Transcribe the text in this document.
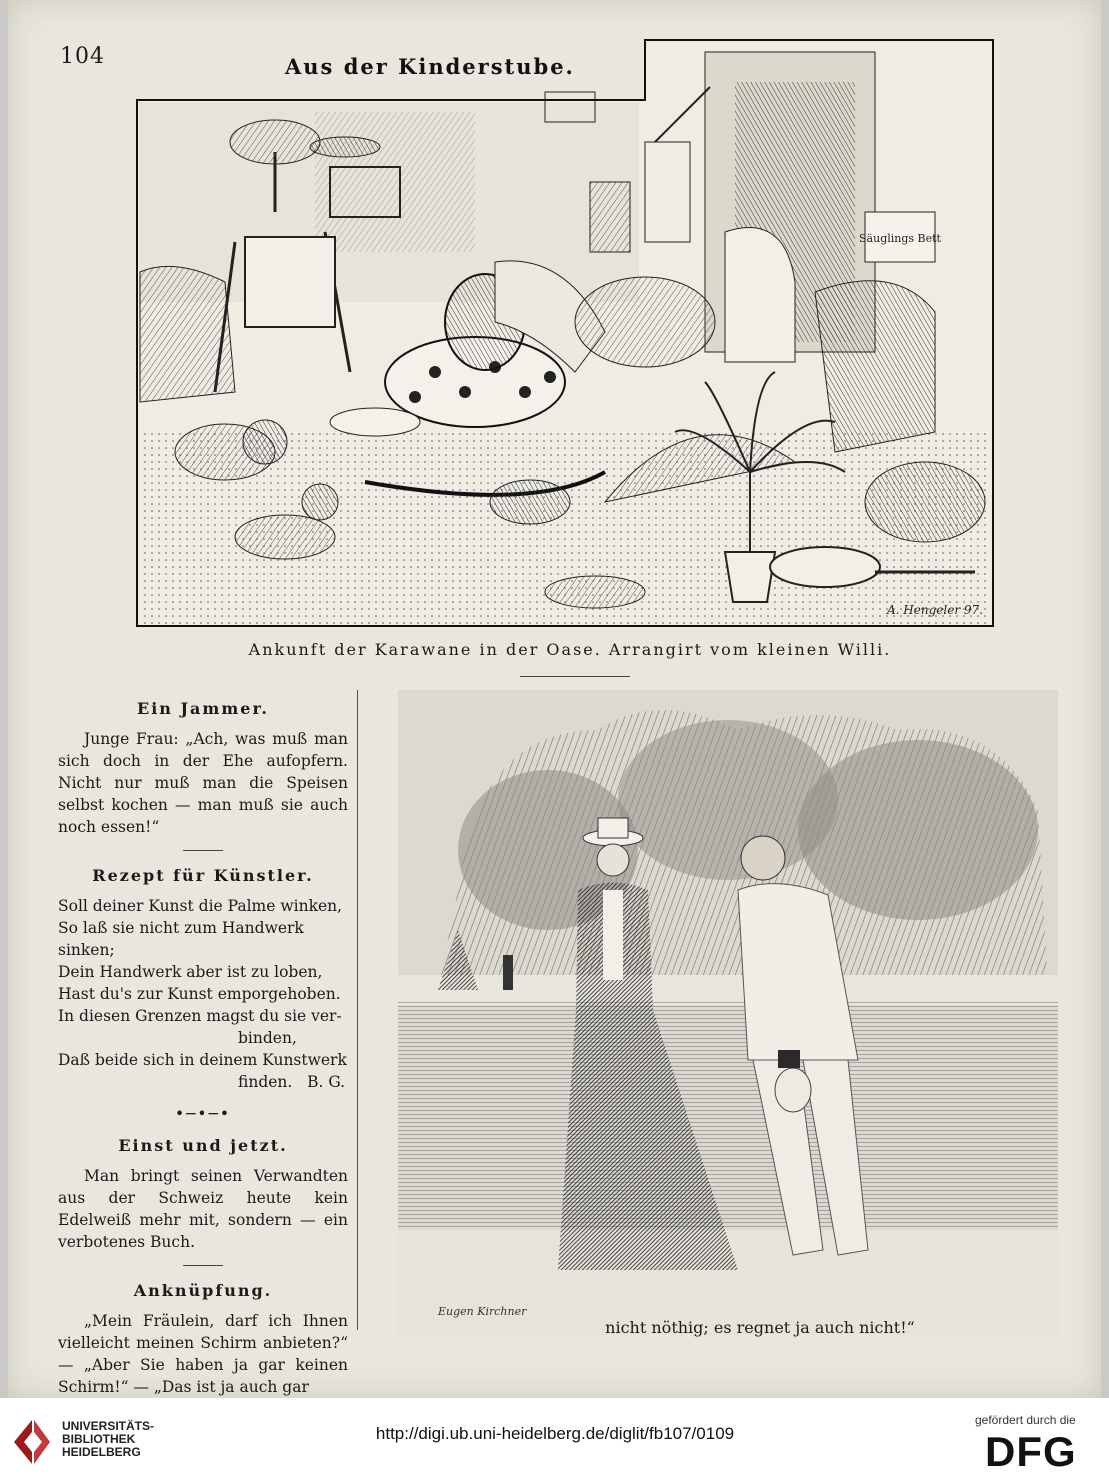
104	Aus der Kinderstube.
Säuglings Bett
A. Hengeler 97.
Ankunft der Karawane in der Oase. Arrangirt vom kleinen Willi.
Ein Jammer.

Junge Frau: „Ach, was muß man sich doch in der Ehe aufopfern. Nicht nur muß man die Speisen selbst kochen — man muß sie auch noch essen!“

Rezept für Künstler.

Soll deiner Kunst die Palme winken,

So laß sie nicht zum Handwerk sinken;

Dein Handwerk aber ist zu loben,

Hast du's zur Kunst emporgehoben.

In diesen Grenzen magst du sie ver-

binden,

Daß beide sich in deinem Kunstwerk

finden. B. G.

•─•─•
Einst und jetzt.

Man bringt seinen Verwandten aus der Schweiz heute kein Edelweiß mehr mit, sondern — ein verbotenes Buch.

Anknüpfung.

„Mein Fräulein, darf ich Ihnen vielleicht meinen Schirm anbieten?“ — „Aber Sie haben ja gar keinen Schirm!“ — „Das ist ja auch gar

Eugen Kirchner
nicht nöthig; es regnet ja auch nicht!“
UNIVERSITÄTS-
BIBLIOTHEK
HEIDELBERG
http://digi.ub.uni-heidelberg.de/diglit/fb107/0109
gefördert durch die
DFG
